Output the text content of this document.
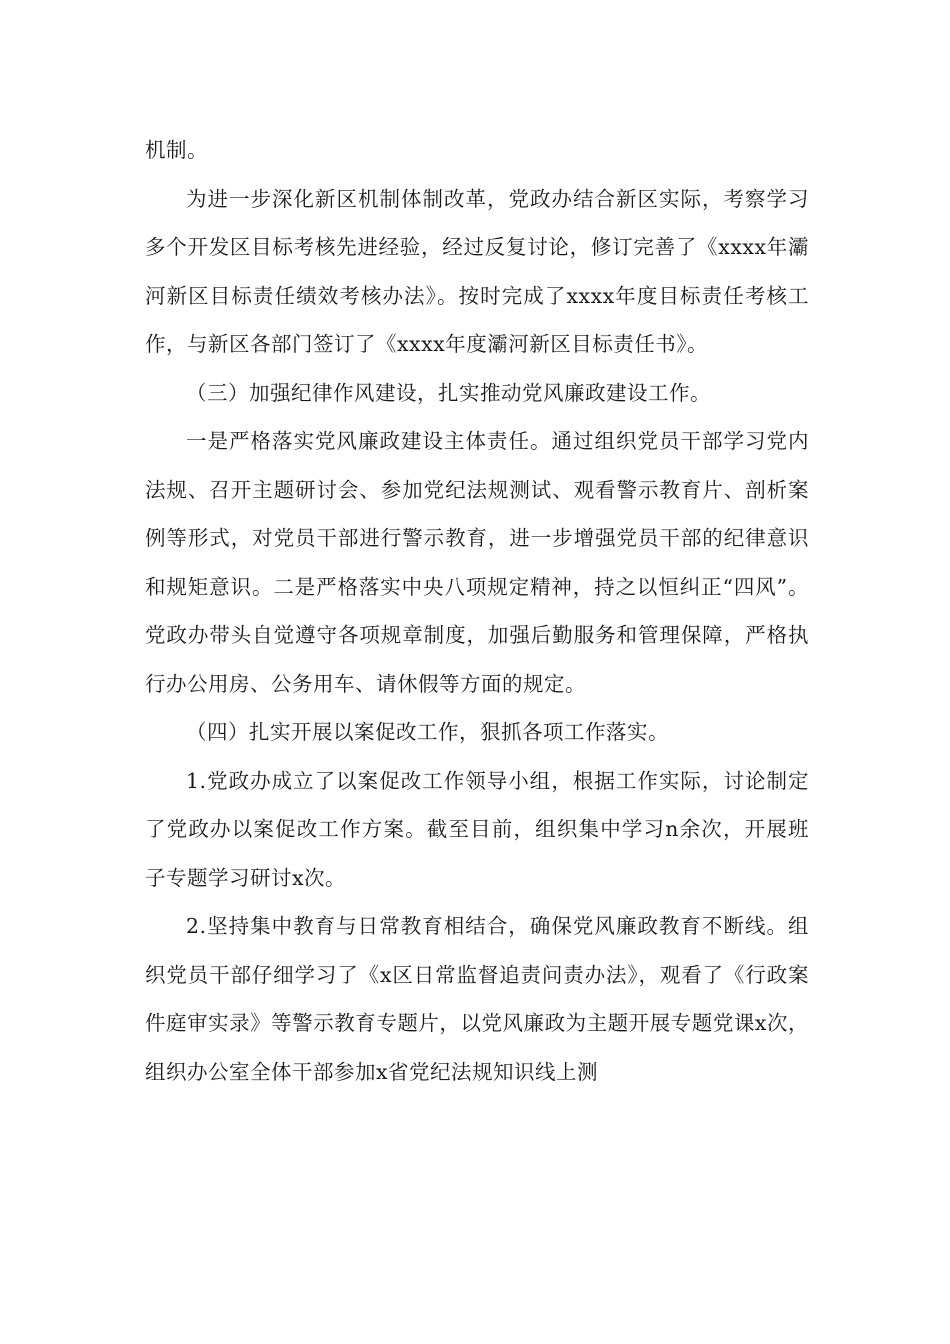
机制。

为进一步深化新区机制体制改革，党政办结合新区实际，考察学习多个开发区目标考核先进经验，经过反复讨论，修订完善了《xxxx年灞河新区目标责任绩效考核办法》。按时完成了xxxx年度目标责任考核工作，与新区各部门签订了《xxxx年度灞河新区目标责任书》。

（三）加强纪律作风建设，扎实推动党风廉政建设工作。

一是严格落实党风廉政建设主体责任。通过组织党员干部学习党内法规、召开主题研讨会、参加党纪法规测试、观看警示教育片、剖析案例等形式，对党员干部进行警示教育，进一步增强党员干部的纪律意识和规矩意识。二是严格落实中央八项规定精神，持之以恒纠正“四风”。党政办带头自觉遵守各项规章制度，加强后勤服务和管理保障，严格执行办公用房、公务用车、请休假等方面的规定。

（四）扎实开展以案促改工作，狠抓各项工作落实。

1.党政办成立了以案促改工作领导小组，根据工作实际，讨论制定了党政办以案促改工作方案。截至目前，组织集中学习n余次，开展班子专题学习研讨x次。

2.坚持集中教育与日常教育相结合，确保党风廉政教育不断线。组织党员干部仔细学习了《x区日常监督追责问责办法》，观看了《行政案件庭审实录》等警示教育专题片，以党风廉政为主题开展专题党课x次，组织办公室全体干部参加x省党纪法规知识线上测
